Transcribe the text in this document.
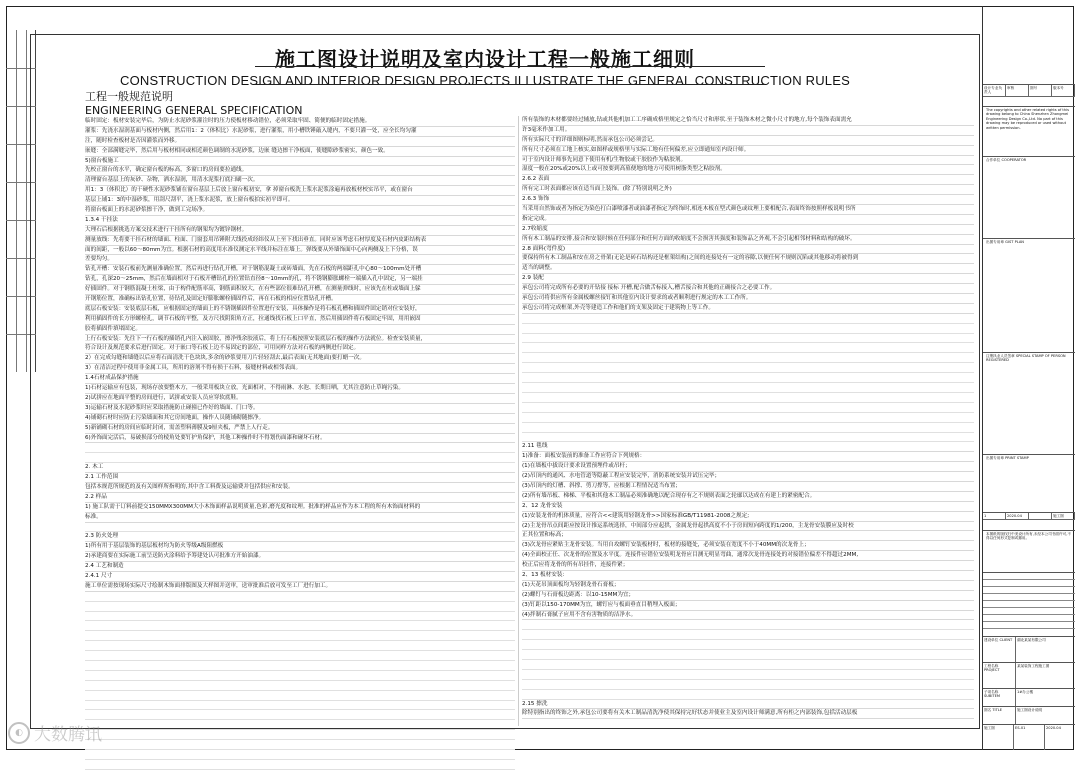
施工图设计说明及室内设计工程一般施工细则
CONSTRUCTION DESIGN AND INTERIOR DESIGN PROJECTS ILLUSTRATE THE GENERAL CONSTRUCTION RULES
工程一般规范说明
ENGINEERING GENERAL SPECIFICATION
临时固定：板材安装完毕后，为防止水泥砂浆灌注时的压力使板材移动错位，必须采取牢固、简便的临时固定措施。
灌浆：先浇水湿润基面与板材内侧，然后用1：2（体积比）水泥砂浆，进行灌浆，用小槽铁锤敲入缝内，不要只灌一处，应全长均匀灌
注，随时检查板材是否因灌浆而外移。
嵌缝：全部满缝完毕，然后用与板材相同或相近颜色调制的水泥砂浆，边嵌 缝边擦干净板面，使缝隙砂浆密实，颜色一致。
5)窗台板施工
先校正窗台的水平，确定窗台板的标高，多窗口的房间要拉通线。
清理窗台基层上的灰砂、杂物，洒水湿润，用清水泥浆打底扫刷一次。
用1：3（体积比）的干硬性水泥砂浆铺在窗台基层上后放上窗台板初安，拿 掉窗台板洗上浆水泥浆涂遍再放板材校实吊平，或在窗台
基层上铺1：3的中湿砂浆，用刮尺刮平，浇上浆水泥浆，放上窗台板拍实初平即可。
将窗台板面上的水泥砂浆擦干净，做到工完场净。
1.3.4 干挂法
大理石后根据挑选方案交技术进行干挂所有的钢架均为镀锌钢材。
测量放线：先将要干挂石材的墙面、柱面、门窗套用吊锤附大线投成经纬仪从上至下找出垂直。同时应该考虑石材厚度及石材内皮距结构表
面的间距，一般以60～80mm为宜。根据石材的高度用水准仪测定水平线并标注在墙上。弹线要从外墙饰面中心向两侧及上下分格，误
差要均匀。
钻孔开槽：安装石板前先测量准确位置，然后再进行钻孔开槽，对于钢筋混凝土或砖墙面，先在石板的两端距孔中心80～100mm处开槽
钻孔，孔深20～25mm，然后在墙面相对于石板开槽钻孔的位置钻直径8～10mm的孔，将不锈钢膨胀螺栓一端插入孔中固定，另一端挂
好插固件。对于钢筋混凝土柱梁，由于构件配筋率高，钢筋面积较大，在有些部位很难钻孔开槽，在测量弹线时，应该先在柱或墙面上躲
开钢筋位置，准确标出钻孔位置，待钻孔及固定好膨胀螺栓插固件后，再在石板的相应位置钻孔开槽。
底层石板安装：安装底层石板，应根据固定的墙面上的不锈钢插固件位置进行安装，具体操作是将石板孔槽和插固件固定销对位安装好，
利用插固件的长方形螺栓孔，调节石板的平整，及方尺找阴阳角方正，拉通线找石板上口平直，然后用插固件将石板固定牢固，用用嵌固
胶将插固件填堵固定。
上行石板安装：先往下一行石板的插销孔内注入嵌固胶，擦净残余胶液后，将上行石板按照安装底层石板的操作方法就位。检查安装质量，
符合设计及规范要求后进行固定。对于嵌口等石板上边不易固定的部位，可用同样方法对石板的两侧进行固定。
2）在完成勾缝和墙缝以后应将石面清洗干色块块,多余的砂浆要用刀片轻轻刮去,最后表面(无其地面)要打蜡一次。
3）在清洁过程中使用非金属工具，所用的溶剂不得有损于石料，接缝材料或相邻表面。
1.4石材成品保护措施
1)石材运输应有包装，现场存放要整木方，一般采用板块立放，光面相对，不得雨淋、水泡、长期日晒，尤其注意防止草绳污染。
2)试拼应在地面平整的房间进行，试拼或安装人员应穿软底鞋。
3)运输石材及水泥砂浆时应采取措施防止碰撞已作好的墙面、门口等。
4)铺砌石材时应防止污染墙面和其它房间地面，操作人员随铺砌随擦净。
5)新铺砌石材的房间应临时封闭，需盖塑料薄膜及9厘夹板，严禁上人行走。
6)外饰面完活后，易破损部分的棱角处要钉护角保护，其他工种操作时不得划伤面漆和碰坏石材。
2. 木工
2.1 工作范围
包括本规范所规范的及有关图样所指明的,其中含工料费及运输费并包括供应和安装。
2.2 样品
1) 施工队需于订料前提交150MMX300MM大小木饰面样品说明质量,色彩,磨光度和纹理。批准的样品应作为本工程的所有木饰面材料的
标准。
2.3 防火处理
1)所有用于基层装饰的基层板材均为防火等级A级阻燃板
2)承建商要在实际施工前呈送防火涂料给予筹建处认可批准方开始油漆。
2.4 工艺和制造
2.4.1 尺寸
施工单位需按现场实际尺寸绘制木饰面排版图及大样图并送审，送审批准后放可发至工厂进行加工。
所有装饰的木材都要经过辅放,钻或其他机加工工序确成格里规定之恰当尺寸和形状.至于装饰木材之微小尺寸的地方,每个装饰表面需允
许3毫米作加工用。
所有实际尺寸的详细图则标明,然而承包公司必须尝记。
所有尺寸必须在工地上核实,如图样或规格里与实际工地有任何偏差,应立即通知室内设计师。
可于室内设计师事先同意下使用有机/生物胶或干胶胶作为粘胶剂。
湿度一般在20%或20%以上或可按要到高墓便地的地方可使用树脂类型之粘胶剂。
2.6.2 表面
所有完工时表面都应该在适当面上装饰。(除了特别说明之外)
2.6.3 饰饰
当采用自然饰或者为指定为染色打白漆喷漆者或油漆者指定为终饰时,相连木板在型式颜色或纹理上要相配合,表面终饰按照样板说明书所
指定完成。
2.7收缩度
所有木工制品的安排,接合和安装时候在任何部分和任何方面的收缩度不会损害其强度和装饰品之外观,不会引起相邻材料和结构的破坏。
2.8 面料(弯件度)
要保持所有木工制品和安在房之骨架(无论是砖石结构还是框架结构)之间的连接处有一定的容隙,以便任何不规则沉陷或其他移动将被得到
适当的调整。
2.9 装配
承包公司将完成所有必要的开钻接 接标 开槽,配合做舌标接入,槽舌接合和其他的正确接合之必要工作。
承包公司将供应所有金属板螺丝接钉和其他室内设计要求的或者顺利进行规定的木工工作所。
承包公司将完成框架,外壳等建造工作和他们的支架及固定于建筑物上等工作。
2.11 毯线
1)准备：面板安装前的准备工作应符合下列规格：
(1)在墙板中拔设计要求设置预埋件或吊杆；
(2)吊顶内的通风、水电管道等隐蔽工程应安装完毕，消防系统安装并试压完毕；
(3)吊顶内的灯槽、斜撑、剪刀撑等，应根据工程情况适当布置；
(2)所有墙吊板、梯梯、平板和其他木工制品必须准确地以配合现存有之不规则表面之轮廓以达成在有建上的紧密配合。
2、12 龙骨安装
(1)安装龙骨的机体质量，应符合<<建筑用轻钢龙骨>>国家标准GB/T11981-2008之规定;
(2)主龙骨吊点间距应按设计推运系统选择，中间部分应起拱，金属龙骨起拱高度不小于房间短向跨度的1/200，主龙骨安装膜应及时校
正其位置和标高；
(3)次龙骨应紧贴主龙骨安装。当用自攻螺钉安装板材时，板材的接缝处，必须安装在宽度不小于40MM的次龙骨上；
(4)全面校正任、次龙骨的位置及水平度。连接件应错位安装明龙骨应目测无明显弯曲，通常次龙骨连接处的对接错位偏差不得超过2MM,
校正后应将龙骨的所有吊挂件，连接件紧；
2、13 板材安装：
(1)天花吊顶面板均为轻钢龙骨石膏板；
(2)螺钉与石膏板边距离：以10-15MM为宜；
(3)钉距以150-170MM为宜，螺钉应与板面垂直目稍埋入板面；
(4)拌制石膏腻子应用不含有害物质的洁净水。
2.15 擦洗
除特别指出的终饰之外,承包公司要将有关木工制品清洗净使其保持完好状态并使业主及室内设计师满意,所有柜之内部装饰,包括活动层板
设计专业负责人
审核	图号	版本号
The copyrights and other related rights of this drawing belong to China Shenzhen Zhongmei Engineering Design Co.,Ltd. No part of this drawing may be reproduced or used without written permission.
合作单位 COOPERATOR
出图专用章 GIST PLAN
注册执业人员签章 SPECIAL STAMP OF PERSON REGISTERED
出图专用章 PRINT STAMP
1	2020.04	施工图
本图纸的版权归中美设计所有,未经本公司书面许可,不得以任何形式复制或挪用。
建设单位 CLIENT	湖北某某有限公司
工程名称 PROJECT
某某装饰工程施工图
子项名称 SUBITEM
1#办公楼
图名 TITLE	施工图设计说明
施工图	ES-01	2020.04
◐ 大数腾讯
